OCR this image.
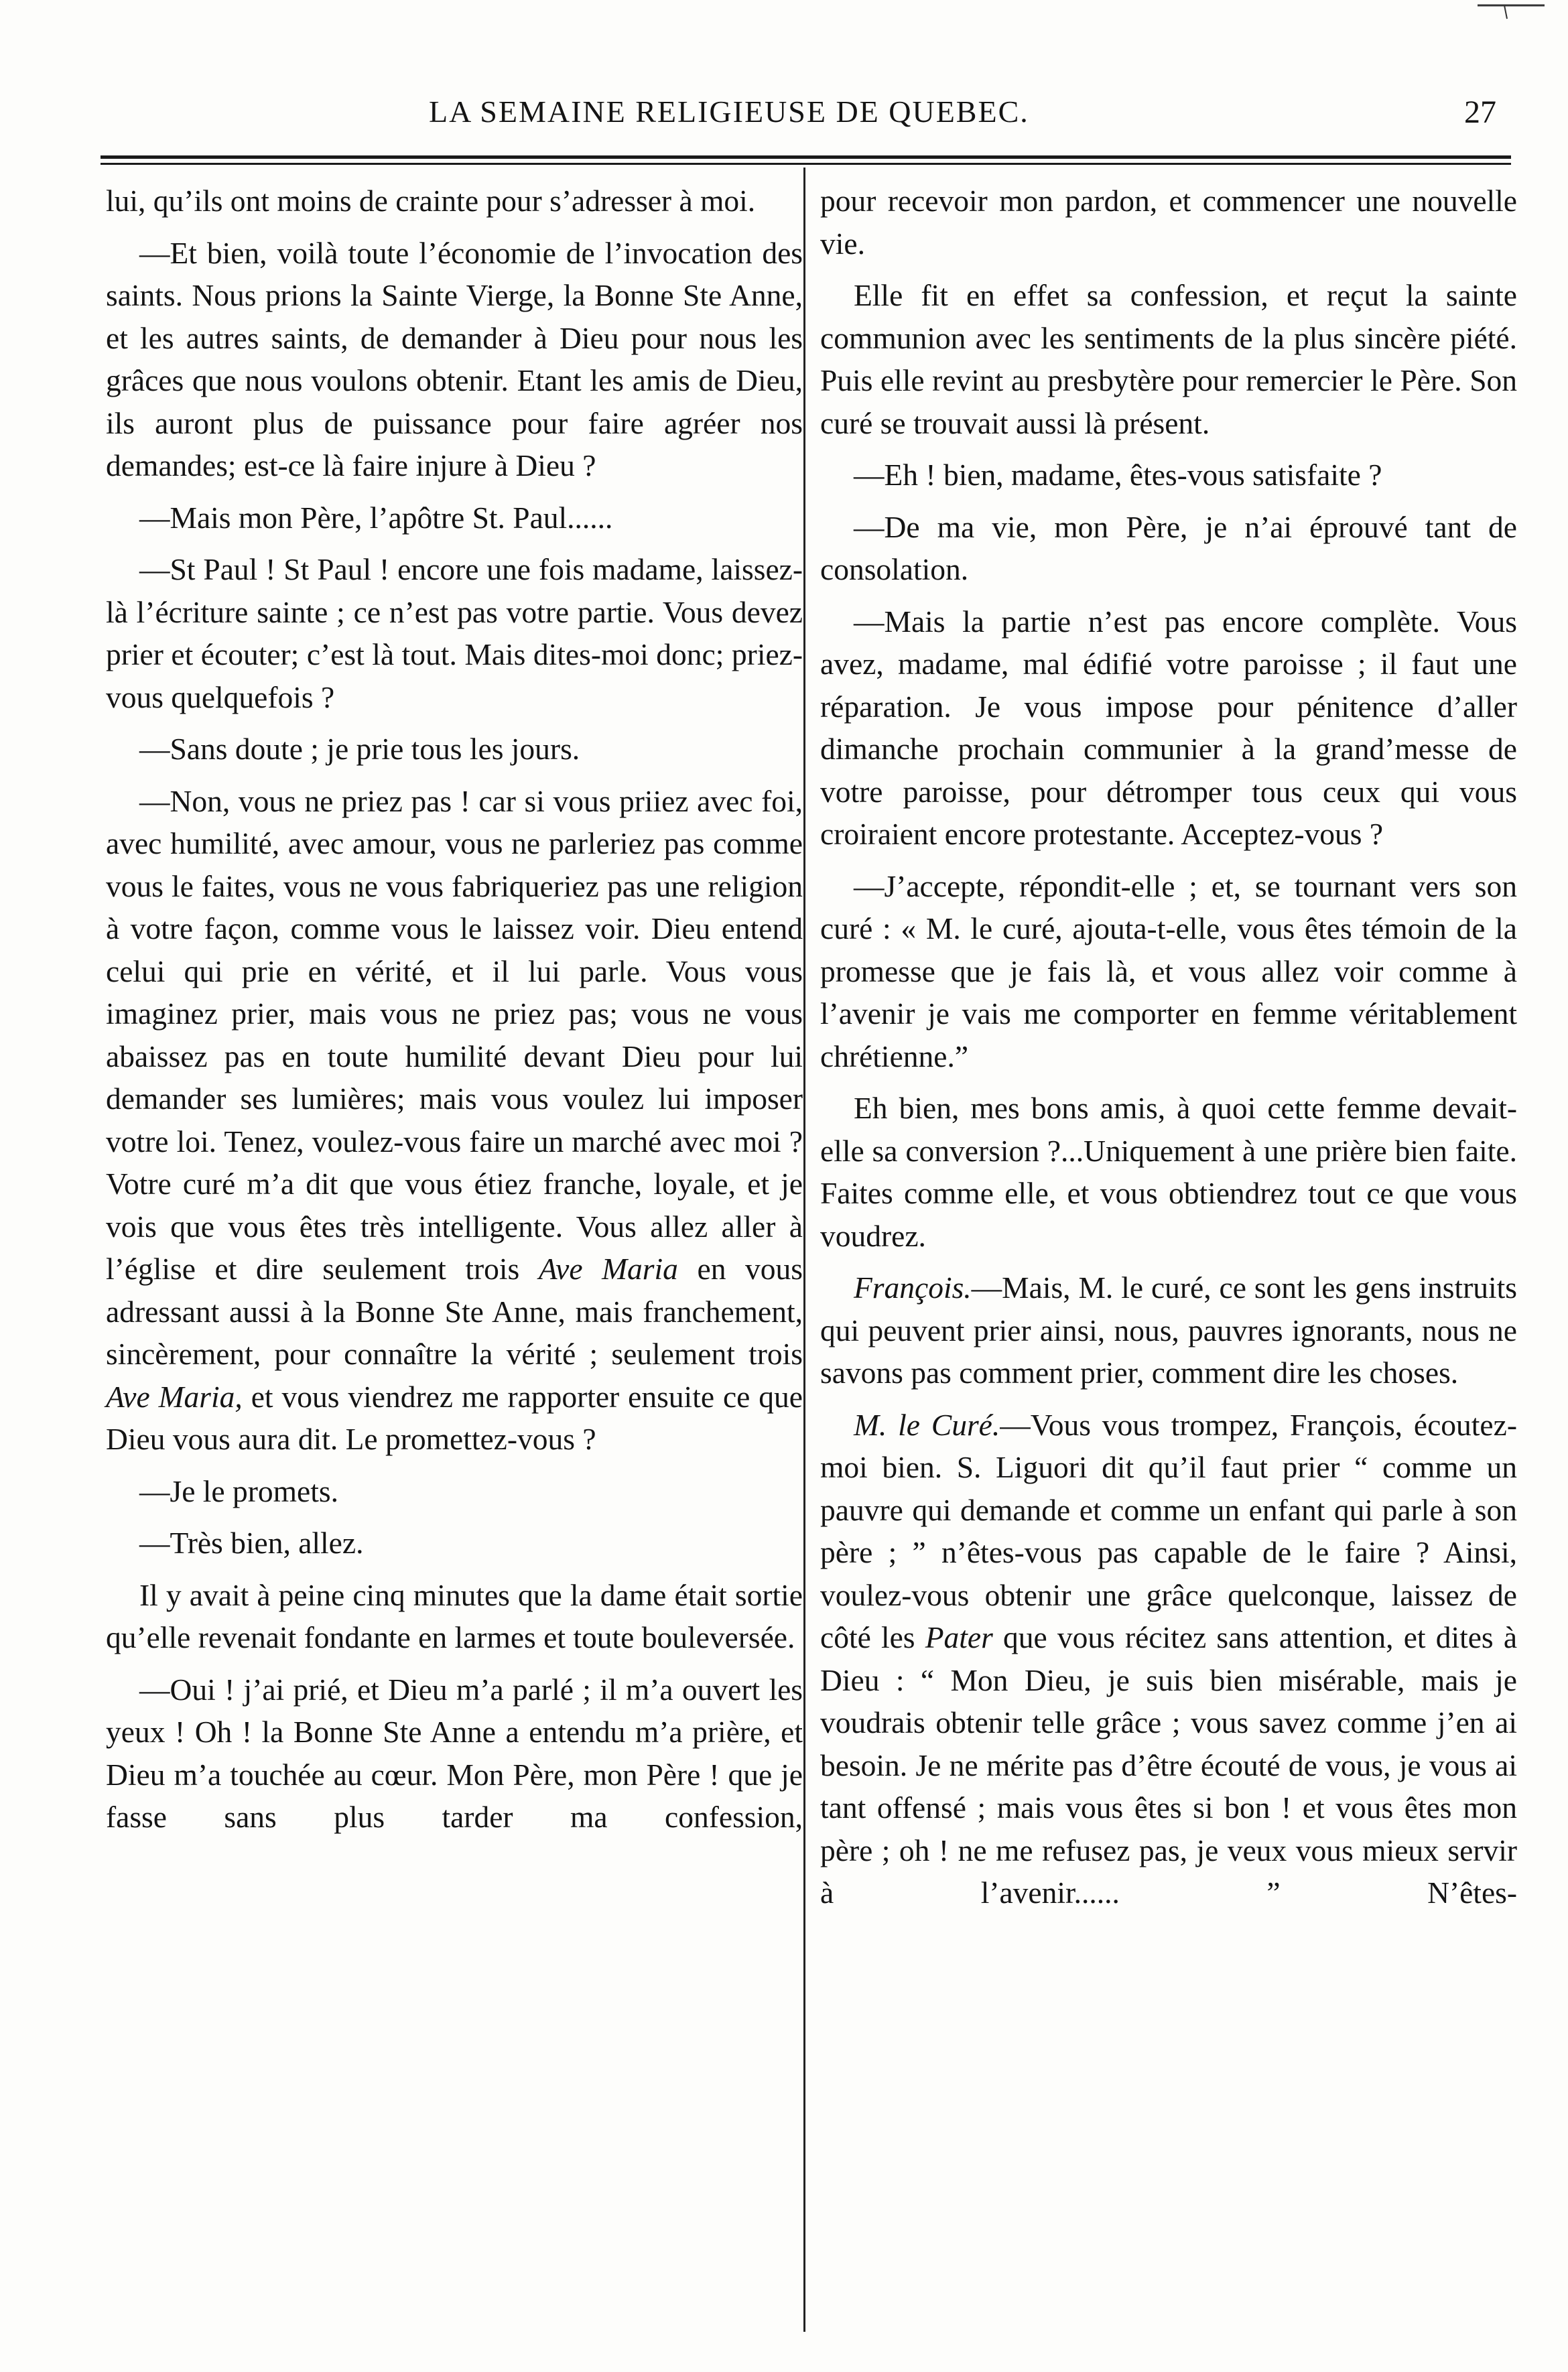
LA SEMAINE RELIGIEUSE DE QUEBEC.	27

lui, qu’ils ont moins de crainte pour s’adresser à moi.

—Et bien, voilà toute l’économie de l’invocation des saints. Nous prions la Sainte Vierge, la Bonne Ste Anne, et les autres saints, de demander à Dieu pour nous les grâces que nous voulons obtenir. Etant les amis de Dieu, ils auront plus de puissance pour faire agréer nos demandes; est-ce là faire injure à Dieu ?

—Mais mon Père, l’apôtre St. Paul......

—St Paul ! St Paul ! encore une fois madame, laissez-là l’écriture sainte ; ce n’est pas votre partie. Vous devez prier et écouter; c’est là tout. Mais dites-moi donc; priez-vous quelquefois ?

—Sans doute ; je prie tous les jours.

—Non, vous ne priez pas ! car si vous priiez avec foi, avec humilité, avec amour, vous ne parleriez pas comme vous le faites, vous ne vous fabriqueriez pas une religion à votre façon, comme vous le laissez voir. Dieu entend celui qui prie en vérité, et il lui parle. Vous vous imaginez prier, mais vous ne priez pas; vous ne vous abaissez pas en toute humilité devant Dieu pour lui demander ses lumières; mais vous voulez lui imposer votre loi. Tenez, voulez-vous faire un marché avec moi ? Votre curé m’a dit que vous étiez franche, loyale, et je vois que vous êtes très intelligente. Vous allez aller à l’église et dire seulement trois Ave Maria en vous adressant aussi à la Bonne Ste Anne, mais franchement, sincèrement, pour connaître la vérité ; seulement trois Ave Maria, et vous viendrez me rapporter ensuite ce que Dieu vous aura dit. Le promettez-vous ?

—Je le promets.

—Très bien, allez.

Il y avait à peine cinq minutes que la dame était sortie qu’elle revenait fondante en larmes et toute bouleversée.

—Oui ! j’ai prié, et Dieu m’a parlé ; il m’a ouvert les yeux ! Oh ! la Bonne Ste Anne a entendu m’a prière, et Dieu m’a touchée au cœur. Mon Père, mon Père ! que je fasse sans plus tarder ma confession,

pour recevoir mon pardon, et commencer une nouvelle vie.

Elle fit en effet sa confession, et reçut la sainte communion avec les sentiments de la plus sincère piété. Puis elle revint au presbytère pour remercier le Père. Son curé se trouvait aussi là présent.

—Eh ! bien, madame, êtes-vous satisfaite ?

—De ma vie, mon Père, je n’ai éprouvé tant de consolation.

—Mais la partie n’est pas encore complète. Vous avez, madame, mal édifié votre paroisse ; il faut une réparation. Je vous impose pour pénitence d’aller dimanche prochain communier à la grand’messe de votre paroisse, pour détromper tous ceux qui vous croiraient encore protestante. Acceptez-vous ?

—J’accepte, répondit-elle ; et, se tournant vers son curé : « M. le curé, ajouta-t-elle, vous êtes témoin de la promesse que je fais là, et vous allez voir comme à l’avenir je vais me comporter en femme véritablement chrétienne.”

Eh bien, mes bons amis, à quoi cette femme devait-elle sa conversion ?...Uniquement à une prière bien faite. Faites comme elle, et vous obtiendrez tout ce que vous voudrez.

François.—Mais, M. le curé, ce sont les gens instruits qui peuvent prier ainsi, nous, pauvres ignorants, nous ne savons pas comment prier, comment dire les choses.

M. le Curé.—Vous vous trompez, François, écoutez-moi bien. S. Liguori dit qu’il faut prier “ comme un pauvre qui demande et comme un enfant qui parle à son père ; ” n’êtes-vous pas capable de le faire ? Ainsi, voulez-vous obtenir une grâce quelconque, laissez de côté les Pater que vous récitez sans attention, et dites à Dieu : “ Mon Dieu, je suis bien misérable, mais je voudrais obtenir telle grâce ; vous savez comme j’en ai besoin. Je ne mérite pas d’être écouté de vous, je vous ai tant offensé ; mais vous êtes si bon ! et vous êtes mon père ; oh ! ne me refusez pas, je veux vous mieux servir à l’avenir...... ” N’êtes-
